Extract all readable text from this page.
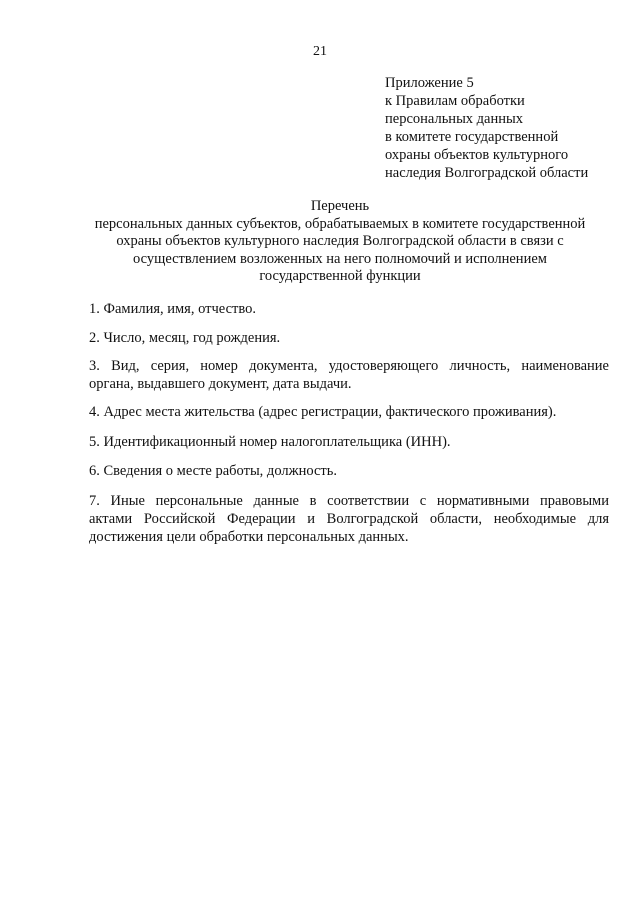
21
Приложение 5
к Правилам обработки
персональных данных
в комитете государственной
охраны объектов культурного
наследия Волгоградской области
Перечень
персональных данных субъектов, обрабатываемых в комитете государственной
охраны объектов культурного наследия Волгоградской области в связи с
осуществлением возложенных на него полномочий и исполнением
государственной функции

1. Фамилия, имя, отчество.

2. Число, месяц, год рождения.

3. Вид, серия, номер документа, удостоверяющего личность, наименование
органа, выдавшего документ, дата выдачи.

4. Адрес места жительства (адрес регистрации, фактического проживания).

5. Идентификационный номер налогоплательщика (ИНН).

6. Сведения о месте работы, должность.

7. Иные персональные данные в соответствии с нормативными правовыми
актами Российской Федерации и Волгоградской области, необходимые для
достижения цели обработки персональных данных.
